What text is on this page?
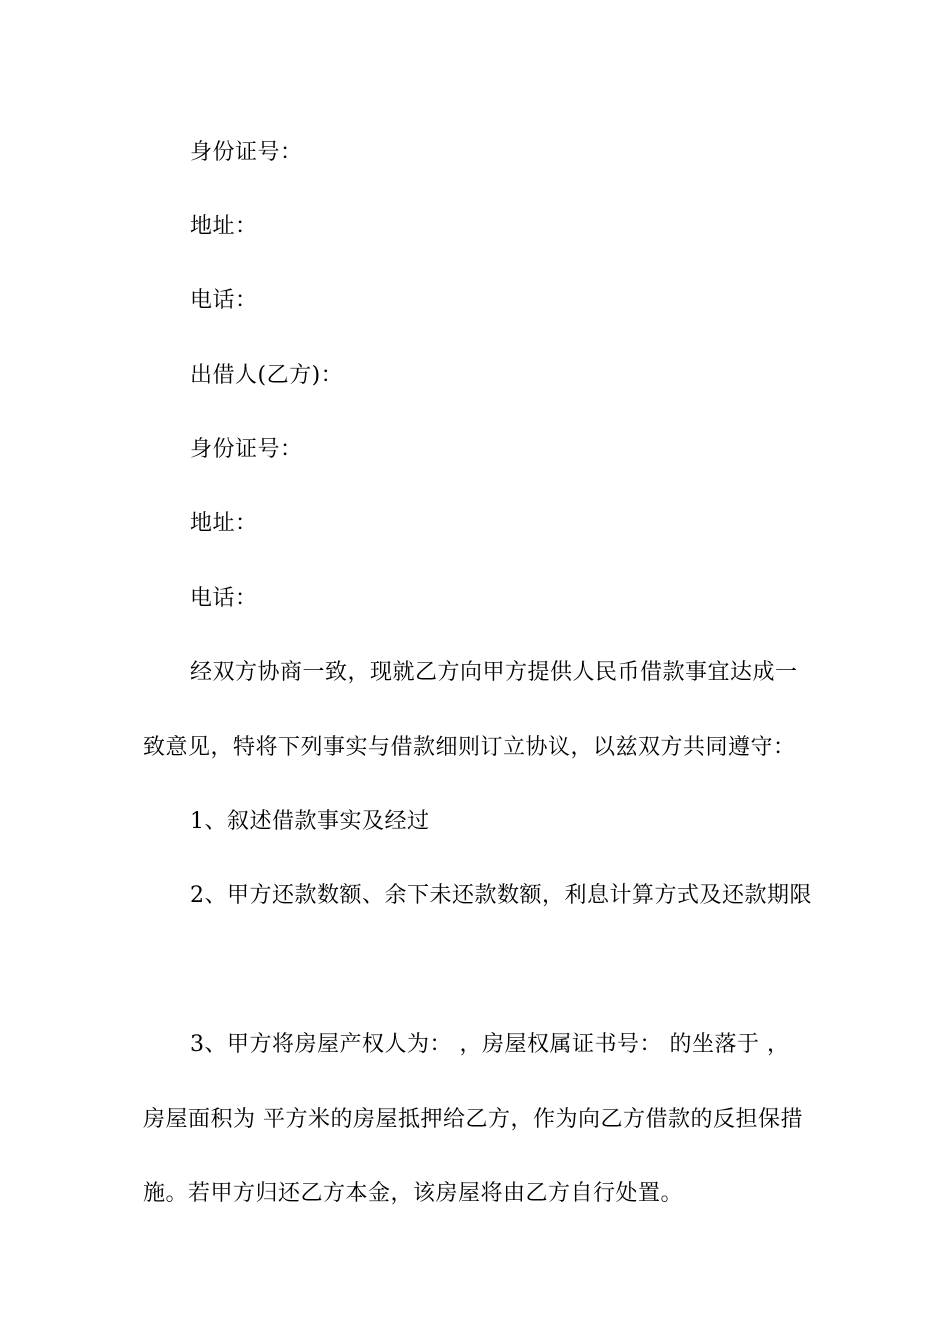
身份证号：

地址：

电话：

出借人(乙方)：

身份证号：

地址：

电话：

经双方协商一致，现就乙方向甲方提供人民币借款事宜达成一

致意见，特将下列事实与借款细则订立协议，以兹双方共同遵守：

1、叙述借款事实及经过

2、甲方还款数额、余下未还款数额，利息计算方式及还款期限

3、甲方将房屋产权人为： ，房屋权属证书号： 的坐落于 ，

房屋面积为 平方米的房屋抵押给乙方，作为向乙方借款的反担保措

施。若甲方归还乙方本金，该房屋将由乙方自行处置。
